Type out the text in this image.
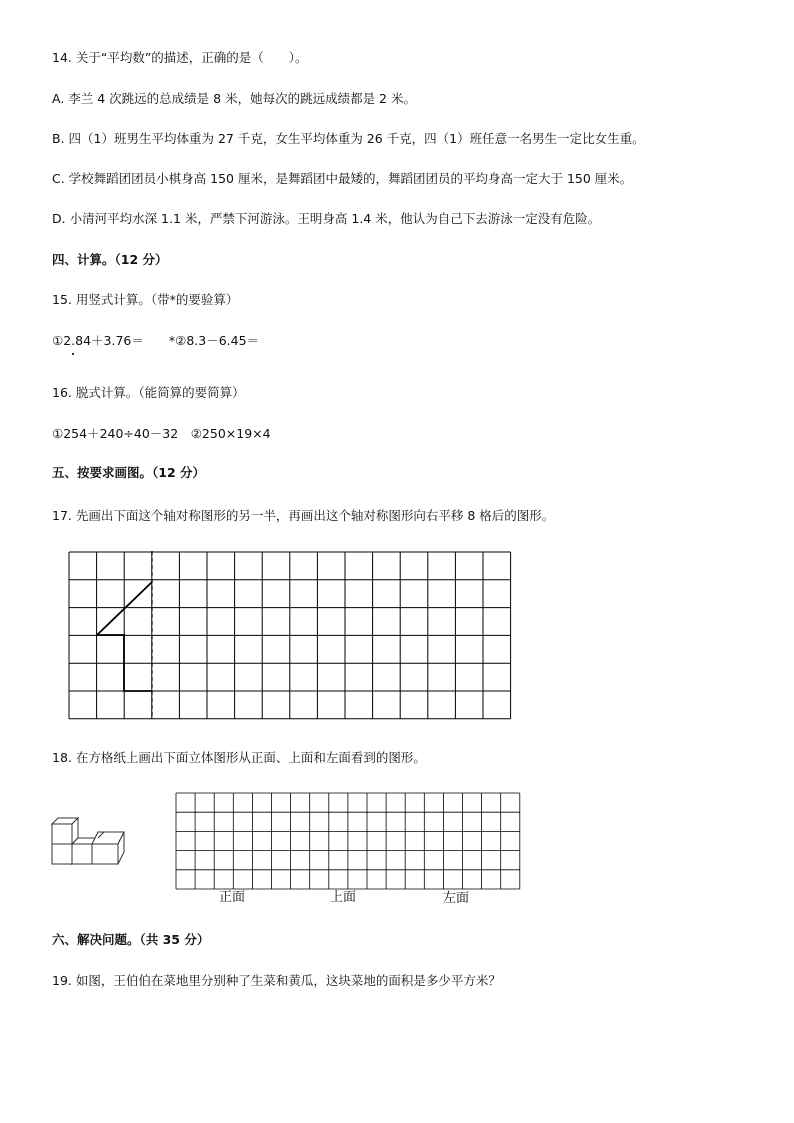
14. 关于“平均数”的描述，正确的是（　　）。
A. 李兰 4 次跳远的总成绩是 8 米，她每次的跳远成绩都是 2 米。
B. 四（1）班男生平均体重为 27 千克，女生平均体重为 26 千克，四（1）班任意一名男生一定比女生重。
C. 学校舞蹈团团员小棋身高 150 厘米，是舞蹈团中最矮的，舞蹈团团员的平均身高一定大于 150 厘米。
D. 小清河平均水深 1.1 米，严禁下河游泳。王明身高 1.4 米，他认为自己下去游泳一定没有危险。
四、计算。（12 分）
15. 用竖式计算。（带*的要验算）
①2.84＋3.76＝　　*②8.3－6.45＝
16. 脱式计算。（能简算的要简算）
①254＋240÷40－32　②250×19×4
五、按要求画图。（12 分）
17. 先画出下面这个轴对称图形的另一半，再画出这个轴对称图形向右平移 8 格后的图形。
18. 在方格纸上画出下面立体图形从正面、上面和左面看到的图形。
正面	上面	左面
六、解决问题。（共 35 分）
19. 如图，王伯伯在菜地里分别种了生菜和黄瓜，这块菜地的面积是多少平方米？
